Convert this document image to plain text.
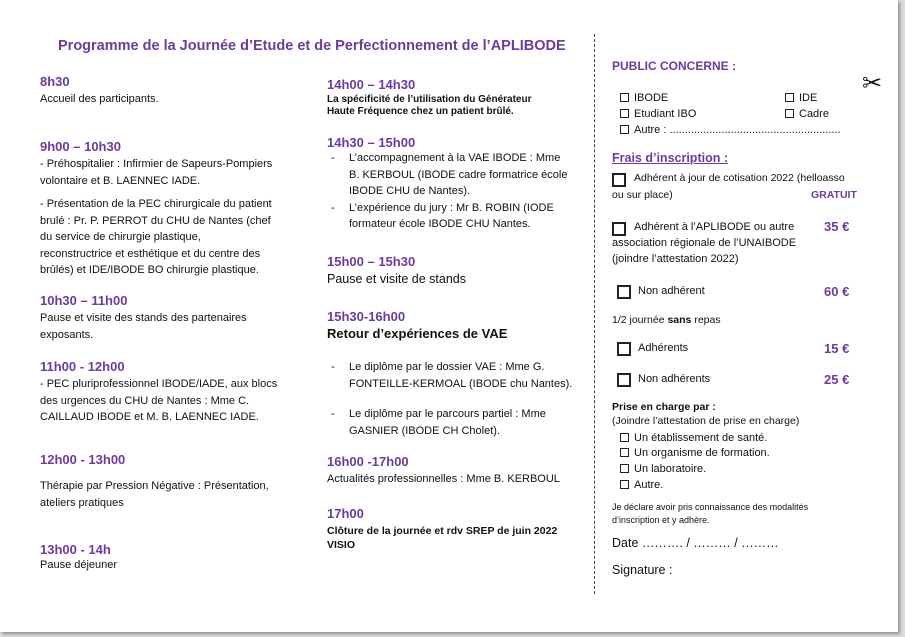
Programme de la Journée d’Etude et de Perfectionnement de l’APLIBODE
8h30
Accueil des participants.
9h00 – 10h30
- Préhospitalier : Infirmier de Sapeurs-Pompiers
volontaire et B. LAENNEC IADE.
- Présentation de la PEC chirurgicale du patient
brulé : Pr. P. PERROT du CHU de Nantes (chef
du service de chirurgie plastique,
reconstructrice et esthétique et du centre des
brûlés) et IDE/IBODE BO chirurgie plastique.
10h30 – 11h00
Pause et visite des stands des partenaires
exposants.
11h00 - 12h00
- PEC pluriprofessionnel IBODE/IADE, aux blocs
des urgences du CHU de Nantes : Mme C.
CAILLAUD IBODE et M. B. LAENNEC IADE.
12h00 - 13h00
Thérapie par Pression Négative : Présentation,
ateliers pratiques
13h00 - 14h
Pause déjeuner
14h00 – 14h30
La spécificité de l’utilisation du Générateur
Haute Fréquence chez un patient brûlé.
14h30 – 15h00
- L’accompagnement à la VAE IBODE : Mme
B. KERBOUL (IBODE cadre formatrice école
IBODE CHU de Nantes).
- L’expérience du jury : Mr B. ROBIN (IODE
formateur école IBODE CHU Nantes.
15h00 – 15h30
Pause et visite de stands
15h30-16h00
Retour d’expériences de VAE
- Le diplôme par le dossier VAE : Mme G.
FONTEILLE-KERMOAL (IBODE chu Nantes).
- Le diplôme par le parcours partiel : Mme
GASNIER (IBODE CH Cholet).
16h00 -17h00
Actualités professionnelles : Mme B. KERBOUL
17h00
Clôture de la journée et rdv SREP de juin 2022
VISIO
✂
PUBLIC CONCERNE :
IBODE	IDE
Etudiant IBO	Cadre
Autre : ........................................................
Frais d’inscription :
Adhérent à jour de cotisation 2022 (helloasso
ou sur place)	GRATUIT
Adhérent à l’APLIBODE ou autre
association régionale de l’UNAIBODE
(joindre l’attestation 2022)
35 €
Non adhérent	60 €
1/2 journée sans repas
Adhérents	15 €
Non adhérents	25 €
Prise en charge par :
(Joindre l’attestation de prise en charge)
Un établissement de santé.
Un organisme de formation.
Un laboratoire.
Autre.
Je déclare avoir pris connaissance des modalités
d’inscription et y adhère.
Date ………. / ……… / ………
Signature :
